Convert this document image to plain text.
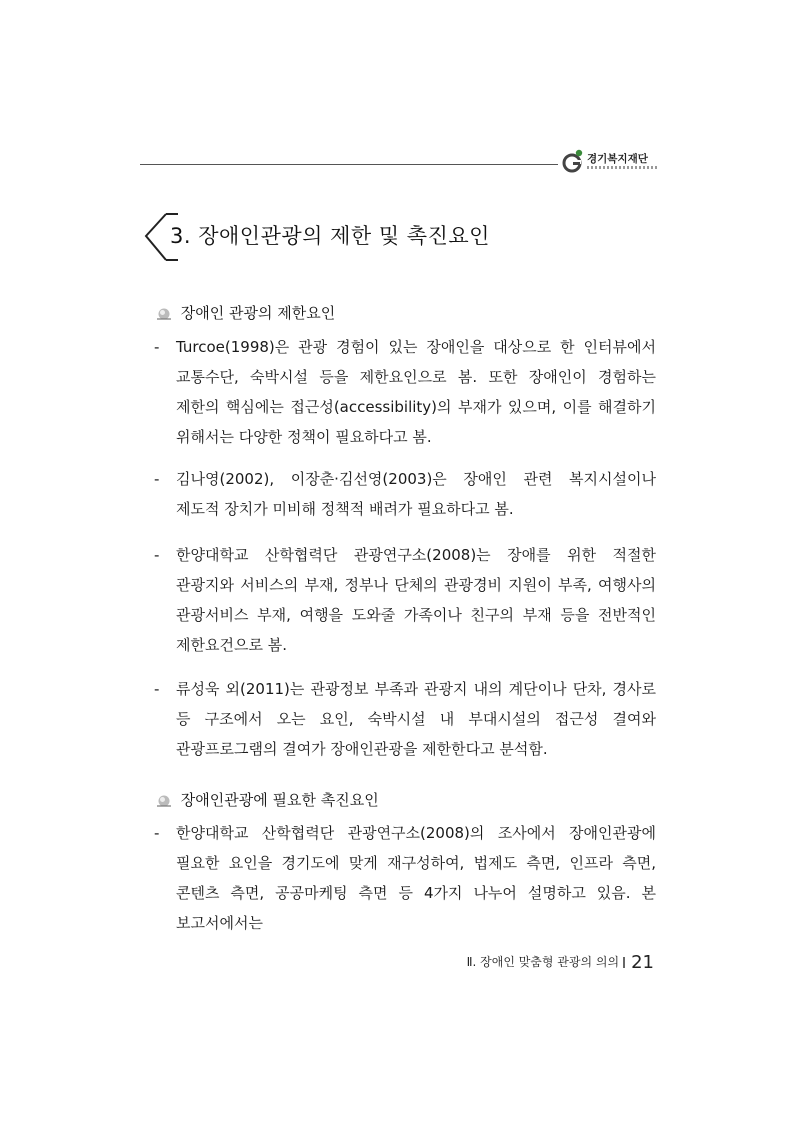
경기복지재단
3. 장애인관광의 제한 및 촉진요인
장애인 관광의 제한요인
- Turcoe(1998)은 관광 경험이 있는 장애인을 대상으로 한 인터뷰에서 교통수단, 숙박시설 등을 제한요인으로 봄. 또한 장애인이 경험하는 제한의 핵심에는 접근성(accessibility)의 부재가 있으며, 이를 해결하기 위해서는 다양한 정책이 필요하다고 봄.
- 김나영(2002), 이장춘·김선영(2003)은 장애인 관련 복지시설이나 제도적 장치가 미비해 정책적 배려가 필요하다고 봄.
- 한양대학교 산학협력단 관광연구소(2008)는 장애를 위한 적절한 관광지와 서비스의 부재, 정부나 단체의 관광경비 지원이 부족, 여행사의 관광서비스 부재, 여행을 도와줄 가족이나 친구의 부재 등을 전반적인 제한요건으로 봄.
- 류성욱 외(2011)는 관광정보 부족과 관광지 내의 계단이나 단차, 경사로 등 구조에서 오는 요인, 숙박시설 내 부대시설의 접근성 결여와 관광프로그램의 결여가 장애인관광을 제한한다고 분석함.
장애인관광에 필요한 촉진요인
- 한양대학교 산학협력단 관광연구소(2008)의 조사에서 장애인관광에 필요한 요인을 경기도에 맞게 재구성하여, 법제도 측면, 인프라 측면, 콘텐츠 측면, 공공마케팅 측면 등 4가지 나누어 설명하고 있음. 본 보고서에서는
Ⅱ. 장애인 맞춤형 관광의 의의 21
